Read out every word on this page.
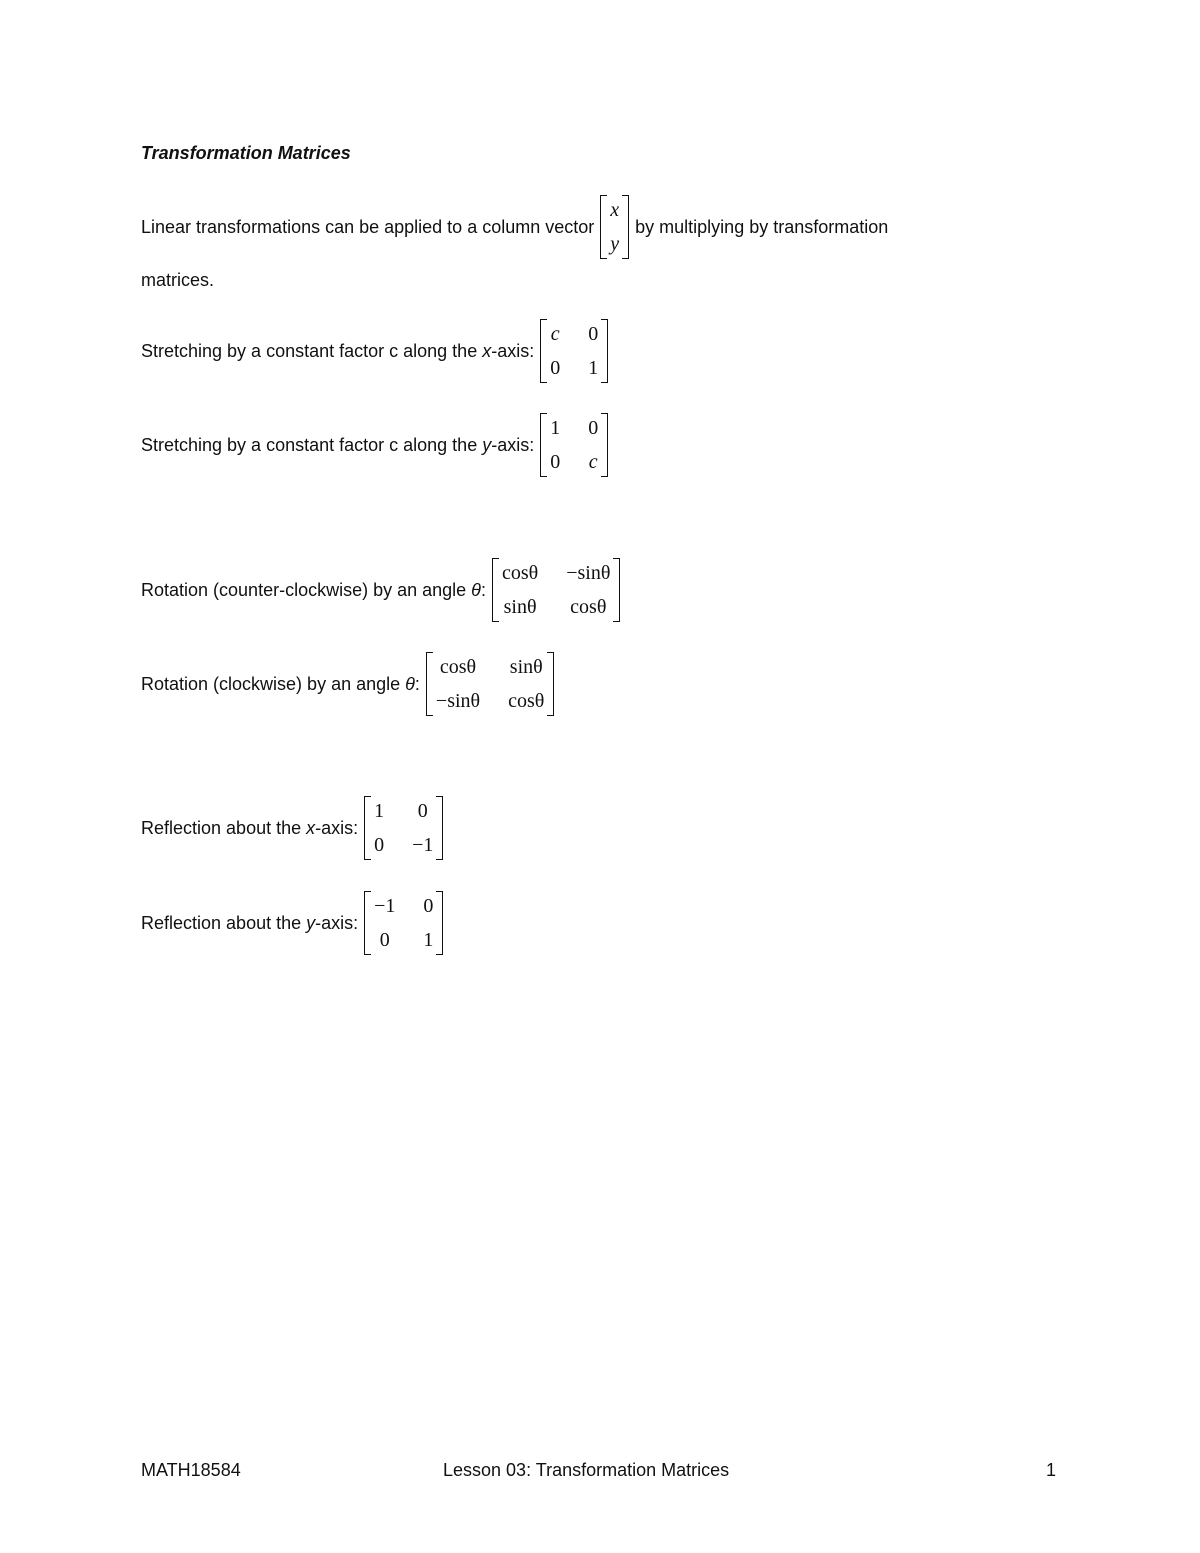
Transformation Matrices
Linear transformations can be applied to a column vector
x
y
by multiplying by transformation
matrices.
Stretching by a constant factor c along the x-axis:
c 0
0 1
Stretching by a constant factor c along the y-axis:
1 0
0 c
Rotation (counter-clockwise) by an angle θ:
cosθ −sinθ
sinθ cosθ
Rotation (clockwise) by an angle θ:
cosθ sinθ
−sinθ cosθ
Reflection about the x-axis:
1 0
0 −1
Reflection about the y-axis:
−1 0
0 1
MATH18584	Lesson 03: Transformation Matrices	1
